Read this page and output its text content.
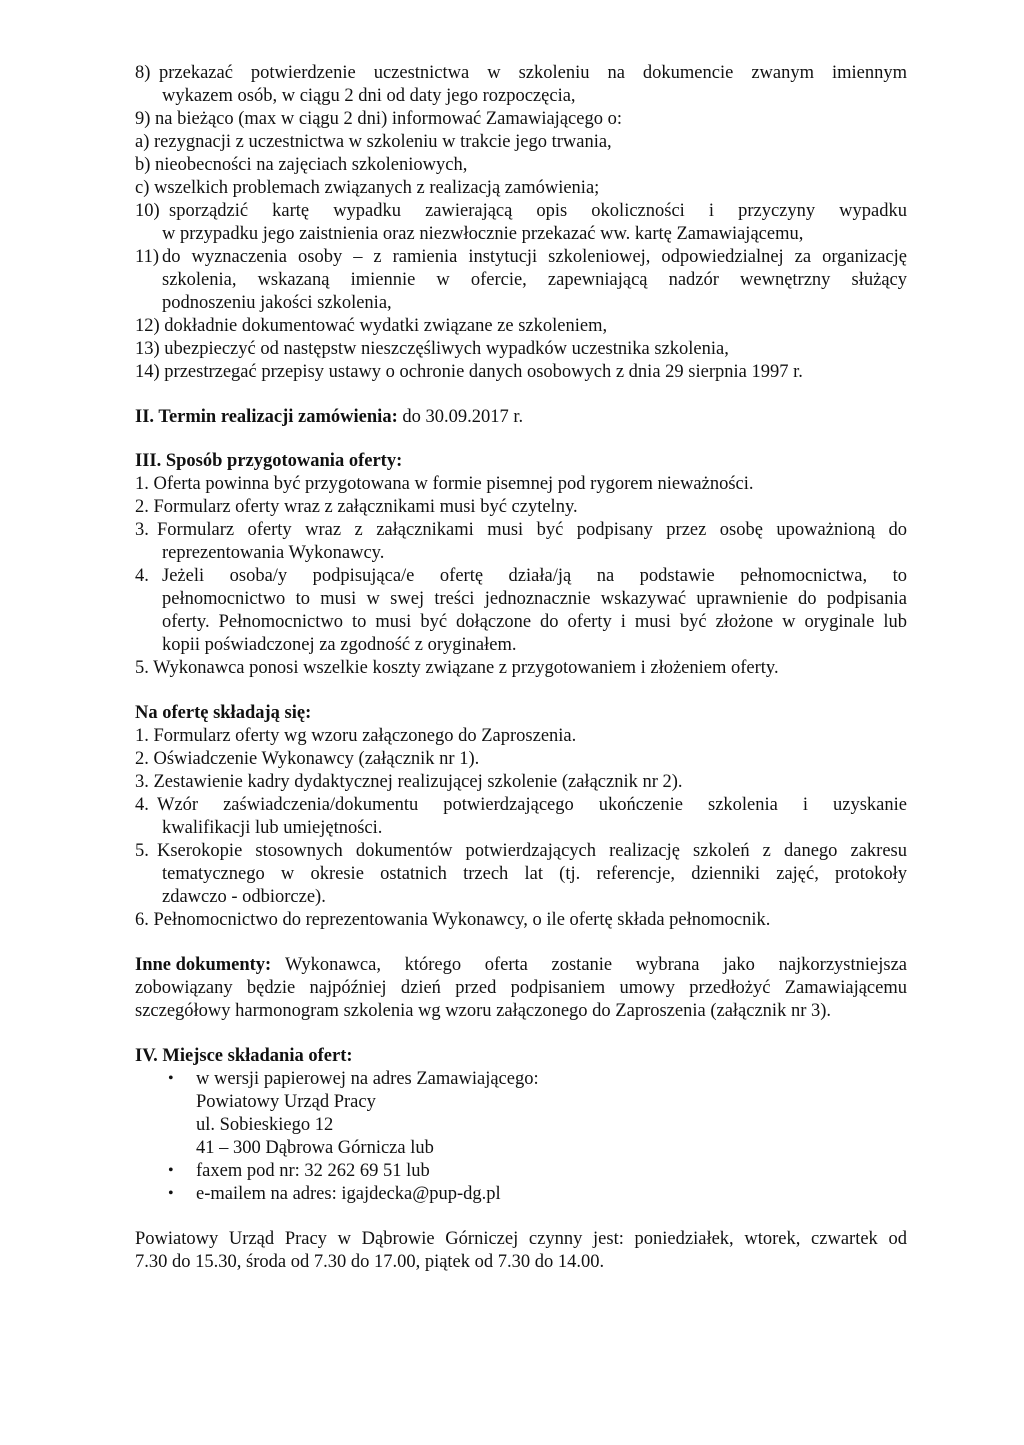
8) przekazać potwierdzenie uczestnictwa w szkoleniu na dokumencie zwanym imiennym
wykazem osób, w ciągu 2 dni od daty jego rozpoczęcia,
9) na bieżąco (max w ciągu 2 dni) informować Zamawiającego o:
a) rezygnacji z uczestnictwa w szkoleniu w trakcie jego trwania,
b) nieobecności na zajęciach szkoleniowych,
c) wszelkich problemach związanych z realizacją zamówienia;
10) sporządzić kartę wypadku zawierającą opis okoliczności i przyczyny wypadku
w przypadku jego zaistnienia oraz niezwłocznie przekazać ww. kartę Zamawiającemu,
11) do wyznaczenia osoby – z ramienia instytucji szkoleniowej, odpowiedzialnej za organizację
szkolenia, wskazaną imiennie w ofercie, zapewniającą nadzór wewnętrzny służący
podnoszeniu jakości szkolenia,
12) dokładnie dokumentować wydatki związane ze szkoleniem,
13) ubezpieczyć od następstw nieszczęśliwych wypadków uczestnika szkolenia,
14) przestrzegać przepisy ustawy o ochronie danych osobowych z dnia 29 sierpnia 1997 r.
II. Termin realizacji zamówienia: do 30.09.2017 r.
III. Sposób przygotowania oferty:
1. Oferta powinna być przygotowana w formie pisemnej pod rygorem nieważności.
2. Formularz oferty wraz z załącznikami musi być czytelny.
3. Formularz oferty wraz z załącznikami musi być podpisany przez osobę upoważnioną do
reprezentowania Wykonawcy.
4. Jeżeli osoba/y podpisująca/e ofertę działa/ją na podstawie pełnomocnictwa, to
pełnomocnictwo to musi w swej treści jednoznacznie wskazywać uprawnienie do podpisania
oferty. Pełnomocnictwo to musi być dołączone do oferty i musi być złożone w oryginale lub
kopii poświadczonej za zgodność z oryginałem.
5. Wykonawca ponosi wszelkie koszty związane z przygotowaniem i złożeniem oferty.
Na ofertę składają się:
1. Formularz oferty wg wzoru załączonego do Zaproszenia.
2. Oświadczenie Wykonawcy (załącznik nr 1).
3. Zestawienie kadry dydaktycznej realizującej szkolenie (załącznik nr 2).
4. Wzór zaświadczenia/dokumentu potwierdzającego ukończenie szkolenia i uzyskanie
kwalifikacji lub umiejętności.
5. Kserokopie stosownych dokumentów potwierdzających realizację szkoleń z danego zakresu
tematycznego w okresie ostatnich trzech lat (tj. referencje, dzienniki zajęć, protokoły
zdawczo - odbiorcze).
6. Pełnomocnictwo do reprezentowania Wykonawcy, o ile ofertę składa pełnomocnik.
Inne dokumenty: Wykonawca, którego oferta zostanie wybrana jako najkorzystniejsza
zobowiązany będzie najpóźniej dzień przed podpisaniem umowy przedłożyć Zamawiającemu
szczegółowy harmonogram szkolenia wg wzoru załączonego do Zaproszenia (załącznik nr 3).
IV. Miejsce składania ofert:
• w wersji papierowej na adres Zamawiającego:
Powiatowy Urząd Pracy
ul. Sobieskiego 12
41 – 300 Dąbrowa Górnicza lub
• faxem pod nr: 32 262 69 51 lub
• e-mailem na adres: igajdecka@pup-dg.pl
Powiatowy Urząd Pracy w Dąbrowie Górniczej czynny jest: poniedziałek, wtorek, czwartek od
7.30 do 15.30, środa od 7.30 do 17.00, piątek od 7.30 do 14.00.
